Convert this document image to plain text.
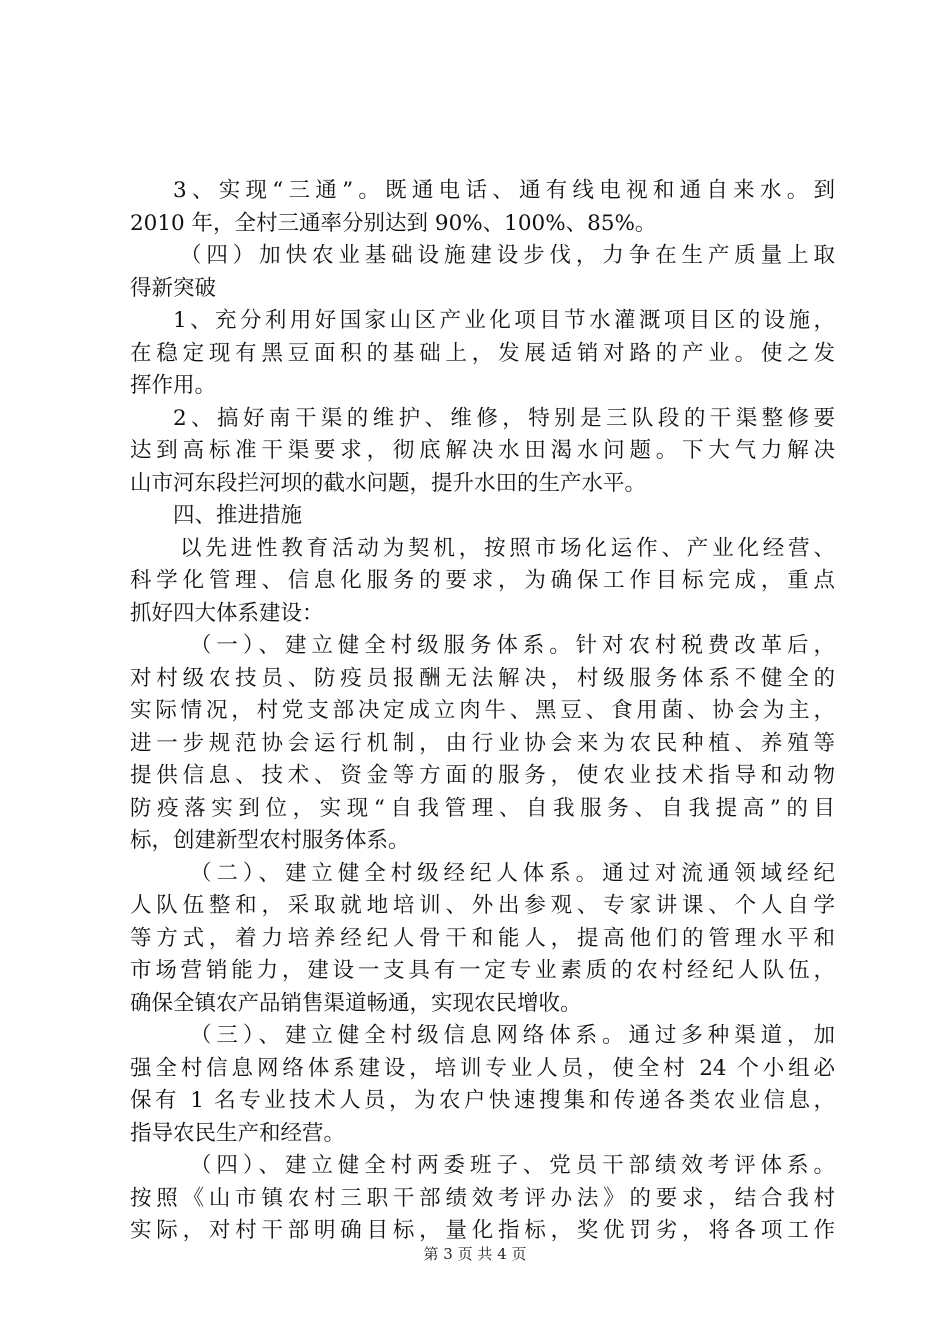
3、实现“三通”。既通电话、通有线电视和通自来水。到
2010 年，全村三通率分别达到 90%、100%、85%。
（四）加快农业基础设施建设步伐，力争在生产质量上取
得新突破
1、充分利用好国家山区产业化项目节水灌溉项目区的设施，
在稳定现有黑豆面积的基础上，发展适销对路的产业。使之发
挥作用。
2、搞好南干渠的维护、维修，特别是三队段的干渠整修要
达到高标准干渠要求，彻底解决水田渴水问题。下大气力解决
山市河东段拦河坝的截水问题，提升水田的生产水平。
四、推进措施
以先进性教育活动为契机，按照市场化运作、产业化经营、
科学化管理、信息化服务的要求，为确保工作目标完成，重点
抓好四大体系建设：
（一）、建立健全村级服务体系。针对农村税费改革后，
对村级农技员、防疫员报酬无法解决，村级服务体系不健全的
实际情况，村党支部决定成立肉牛、黑豆、食用菌、协会为主，
进一步规范协会运行机制，由行业协会来为农民种植、养殖等
提供信息、技术、资金等方面的服务，使农业技术指导和动物
防疫落实到位，实现“自我管理、自我服务、自我提高”的目
标，创建新型农村服务体系。
（二）、建立健全村级经纪人体系。通过对流通领域经纪
人队伍整和，采取就地培训、外出参观、专家讲课、个人自学
等方式，着力培养经纪人骨干和能人，提高他们的管理水平和
市场营销能力，建设一支具有一定专业素质的农村经纪人队伍，
确保全镇农产品销售渠道畅通，实现农民增收。
（三）、建立健全村级信息网络体系。通过多种渠道，加
强全村信息网络体系建设，培训专业人员，使全村 24 个小组必
保有 1 名专业技术人员，为农户快速搜集和传递各类农业信息，
指导农民生产和经营。
（四）、建立健全村两委班子、党员干部绩效考评体系。
按照《山市镇农村三职干部绩效考评办法》的要求，结合我村
实际，对村干部明确目标，量化指标，奖优罚劣，将各项工作
第 3 页 共 4 页
